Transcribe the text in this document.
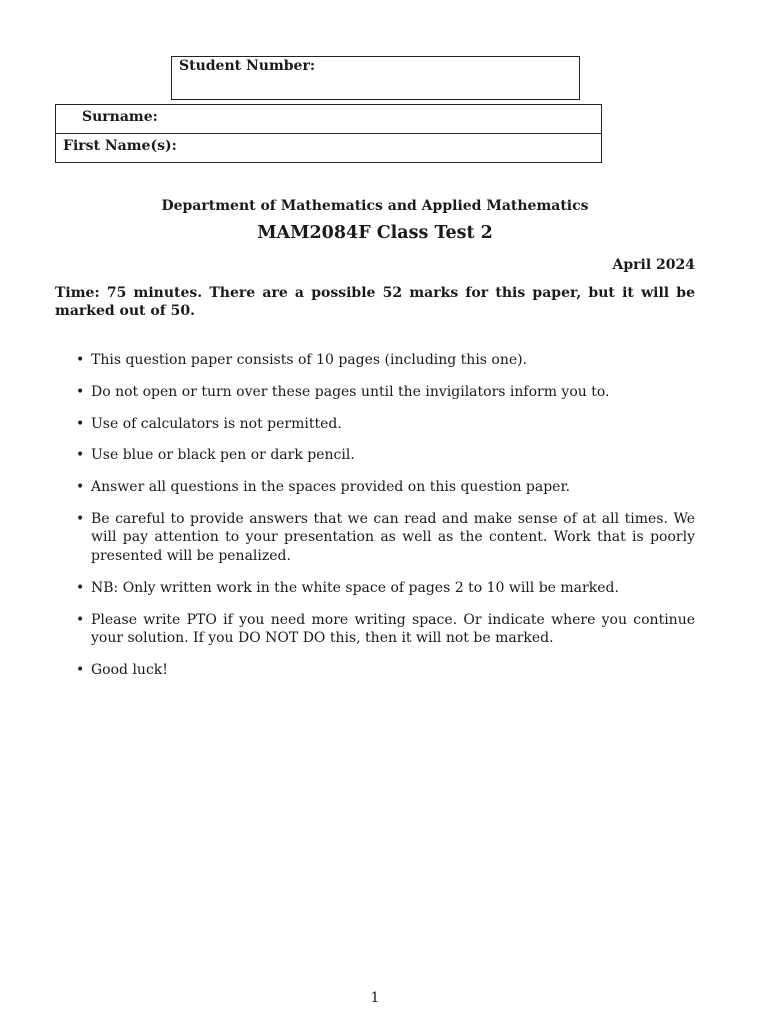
Student Number:
Surname:
First Name(s):
Department of Mathematics and Applied Mathematics
MAM2084F Class Test 2
April 2024
Time: 75 minutes. There are a possible 52 marks for this paper, but it will be marked out of 50.
• This question paper consists of 10 pages (including this one).
• Do not open or turn over these pages until the invigilators inform you to.
• Use of calculators is not permitted.
• Use blue or black pen or dark pencil.
• Answer all questions in the spaces provided on this question paper.
• Be careful to provide answers that we can read and make sense of at all times. We will pay attention to your presentation as well as the content. Work that is poorly presented will be penalized.
• NB: Only written work in the white space of pages 2 to 10 will be marked.
• Please write PTO if you need more writing space. Or indicate where you continue your solution. If you DO NOT DO this, then it will not be marked.
• Good luck!
1
